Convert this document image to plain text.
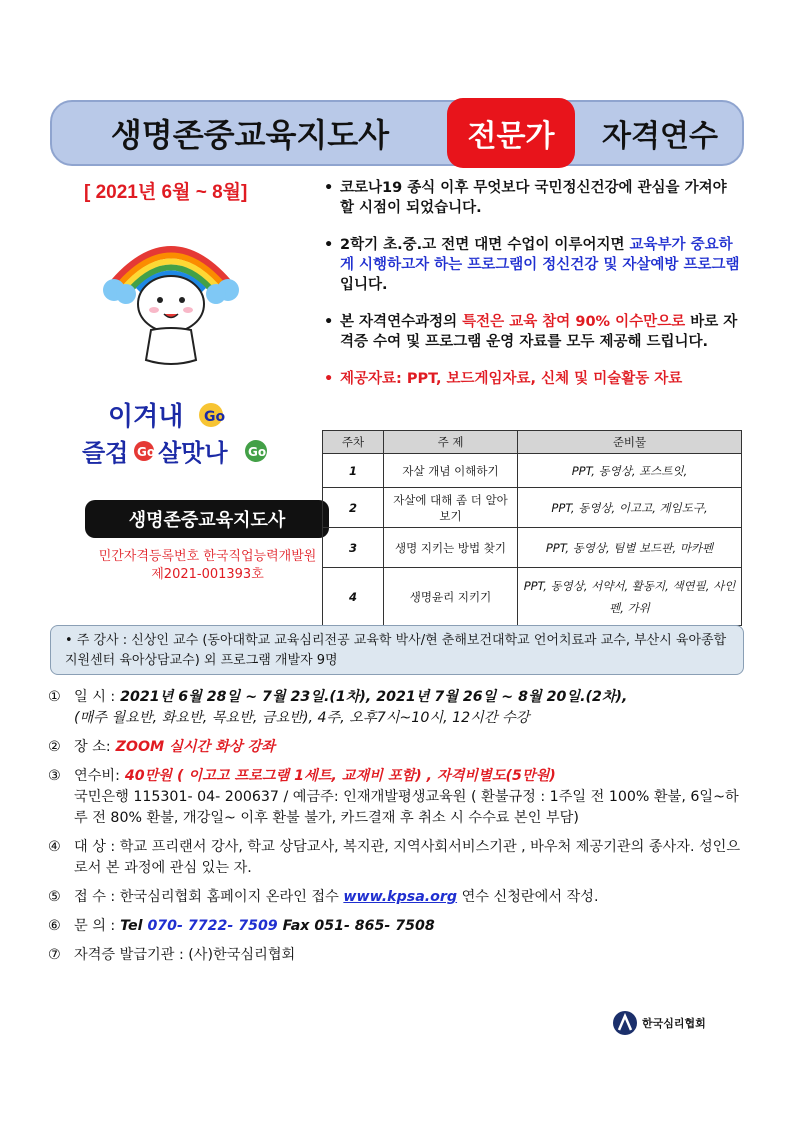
생명존중교육지도사	전문가	자격연수
[ 2021년 6월 ~ 8월]
이겨내 Go
즐겁 Go 살맛나 Go
생명존중교육지도사
민간자격등록번호 한국직업능력개발원
제2021-001393호
• 코로나19 종식 이후 무엇보다 국민정신건강에 관심을 가져야 할 시점이 되었습니다.
• 2학기 초.중.고 전면 대면 수업이 이루어지면 교육부가 중요하게 시행하고자 하는 프로그램이 정신건강 및 자살예방 프로그램입니다.
• 본 자격연수과정의 특전은 교육 참여 90% 이수만으로 바로 자격증 수여 및 프로그램 운영 자료를 모두 제공해 드립니다.
• 제공자료: PPT, 보드게임자료, 신체 및 미술활동 자료
주차	주 제	준비물
1	자살 개념 이해하기	PPT, 동영상, 포스트잇,
2	자살에 대해 좀 더 알아보기	PPT, 동영상, 이고고, 게임도구,
3	생명 지키는 방법 찾기	PPT, 동영상, 팀별 보드판, 마카펜
4	생명윤리 지키기	PPT, 동영상, 서약서, 활동지, 색연필, 사인펜, 가위
• 주 강사 : 신상인 교수 (동아대학교 교육심리전공 교육학 박사/현 춘해보건대학교 언어치료과 교수, 부산시 육아종합지원센터 육아상담교수) 외 프로그램 개발자 9명
① 일 시 : 2021년 6월 28일 ~ 7월 23일.(1차), 2021년 7월 26일 ~ 8월 20일.(2차),
(매주 월요반, 화요반, 목요반, 금요반), 4주, 오후7시~10시, 12시간 수강
② 장 소: ZOOM 실시간 화상 강좌
③ 연수비: 40만원 ( 이고고 프로그램 1세트, 교재비 포함) , 자격비별도(5만원)
국민은행 115301- 04- 200637 / 예금주: 인재개발평생교육원 ( 환불규정 : 1주일 전 100% 환불, 6일~하루 전 80% 환불, 개강일~ 이후 환불 불가, 카드결재 후 취소 시 수수료 본인 부담)
④ 대 상 : 학교 프리랜서 강사, 학교 상담교사, 복지관, 지역사회서비스기관 , 바우처 제공기관의 종사자. 성인으로서 본 과정에 관심 있는 자.
⑤ 접 수 : 한국심리협회 홈페이지 온라인 접수 www.kpsa.org 연수 신청란에서 작성.
⑥ 문 의 : Tel 070- 7722- 7509 Fax 051- 865- 7508
⑦ 자격증 발급기관 : (사)한국심리협회
한국심리협회
